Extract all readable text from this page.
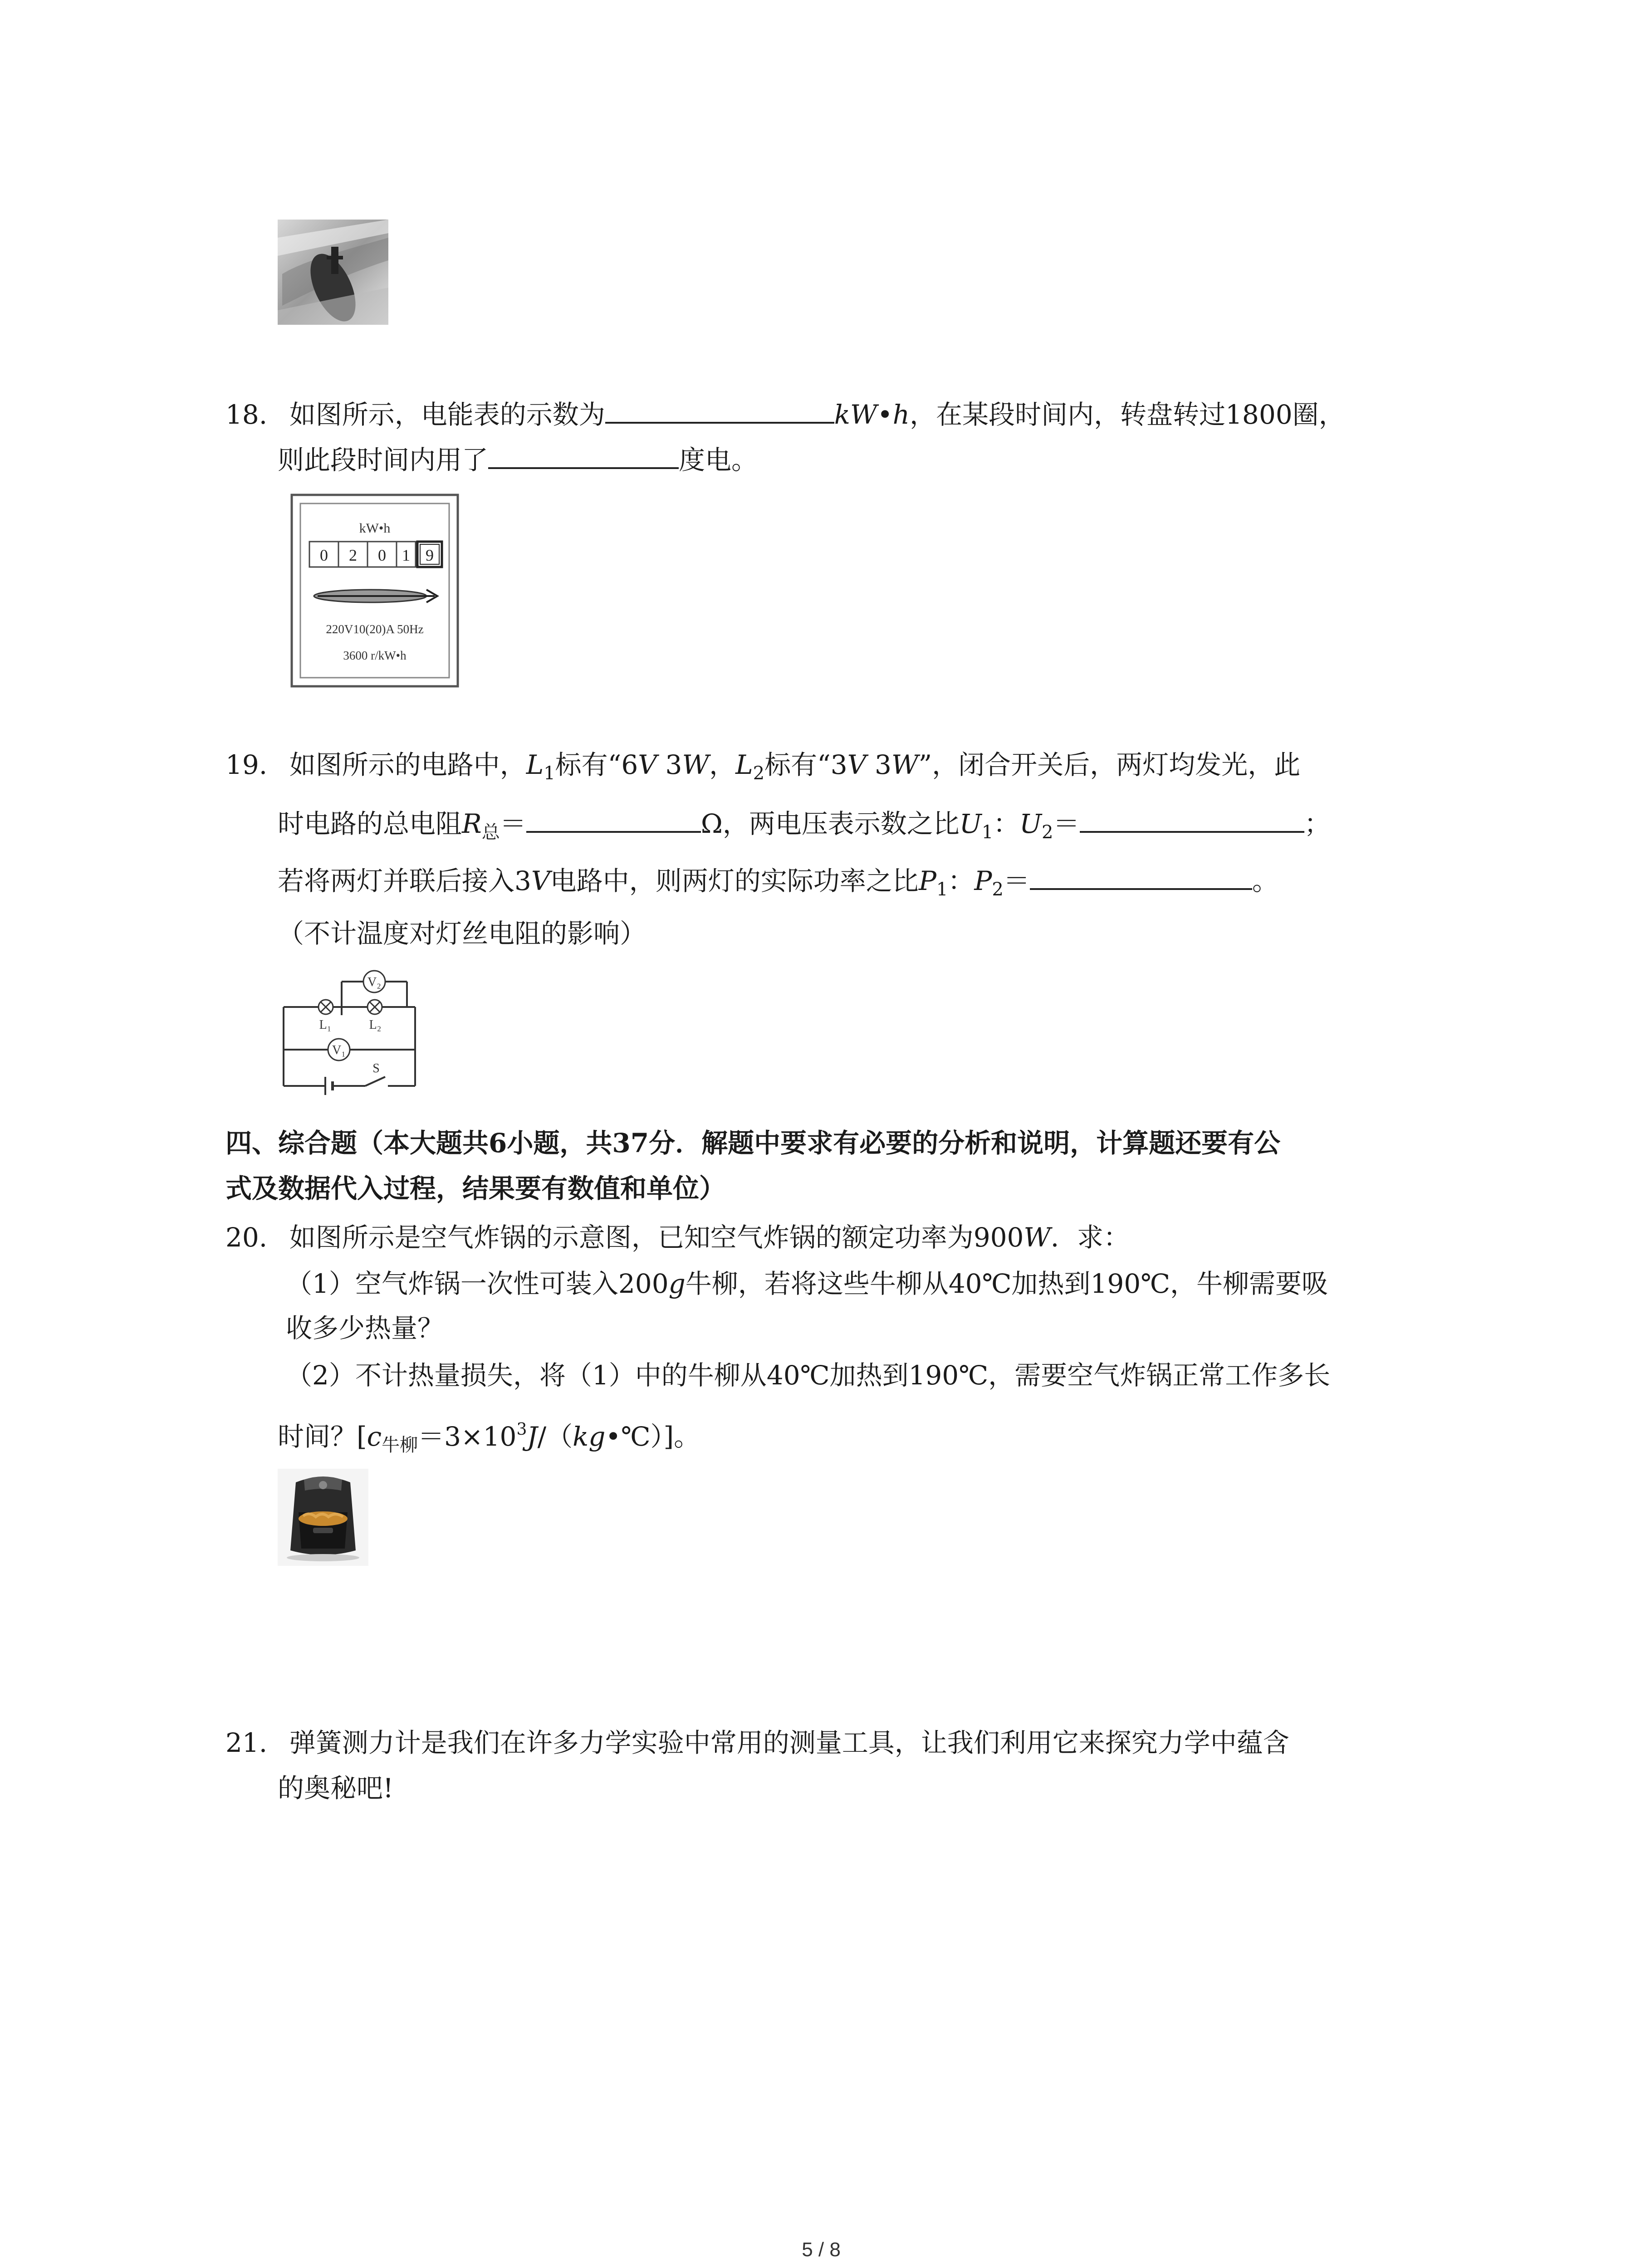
18. 如图所示，电能表的示数为	kW•h，在某段时间内，转盘转过1800圈，
则此段时间内用了	度电。
kW•h
0 2 0 1 9
220V10(20)A 50Hz
3600 r/kW•h
19. 如图所示的电路中，$L_1$标有“6V 3W，$L_2$标有“3V 3W”，闭合开关后，两灯均发光，此
时电路的总电阻$R_总=$	Ω，两电压表示数之比$U_1$：$U_2=$	；
若将两灯并联后接入3V电路中，则两灯的实际功率之比$P_1$：$P_2=$	。
（不计温度对灯丝电阻的影响）
V₂
V₁
L₁	L₂
S
四、综合题（本大题共6小题，共37分．解题中要求有必要的分析和说明，计算题还要有公
式及数据代入过程，结果要有数值和单位）
20. 如图所示是空气炸锅的示意图，已知空气炸锅的额定功率为900W．求：
（1）空气炸锅一次性可装入200g牛柳，若将这些牛柳从40℃加热到190℃，牛柳需要吸
收多少热量？
（2）不计热量损失，将（1）中的牛柳从40℃加热到190℃，需要空气炸锅正常工作多长
时间？$[c_{牛柳}=3\times 10^3J/(kg•℃)]$。
21. 弹簧测力计是我们在许多力学实验中常用的测量工具，让我们利用它来探究力学中蕴含
的奥秘吧!
5 / 8
